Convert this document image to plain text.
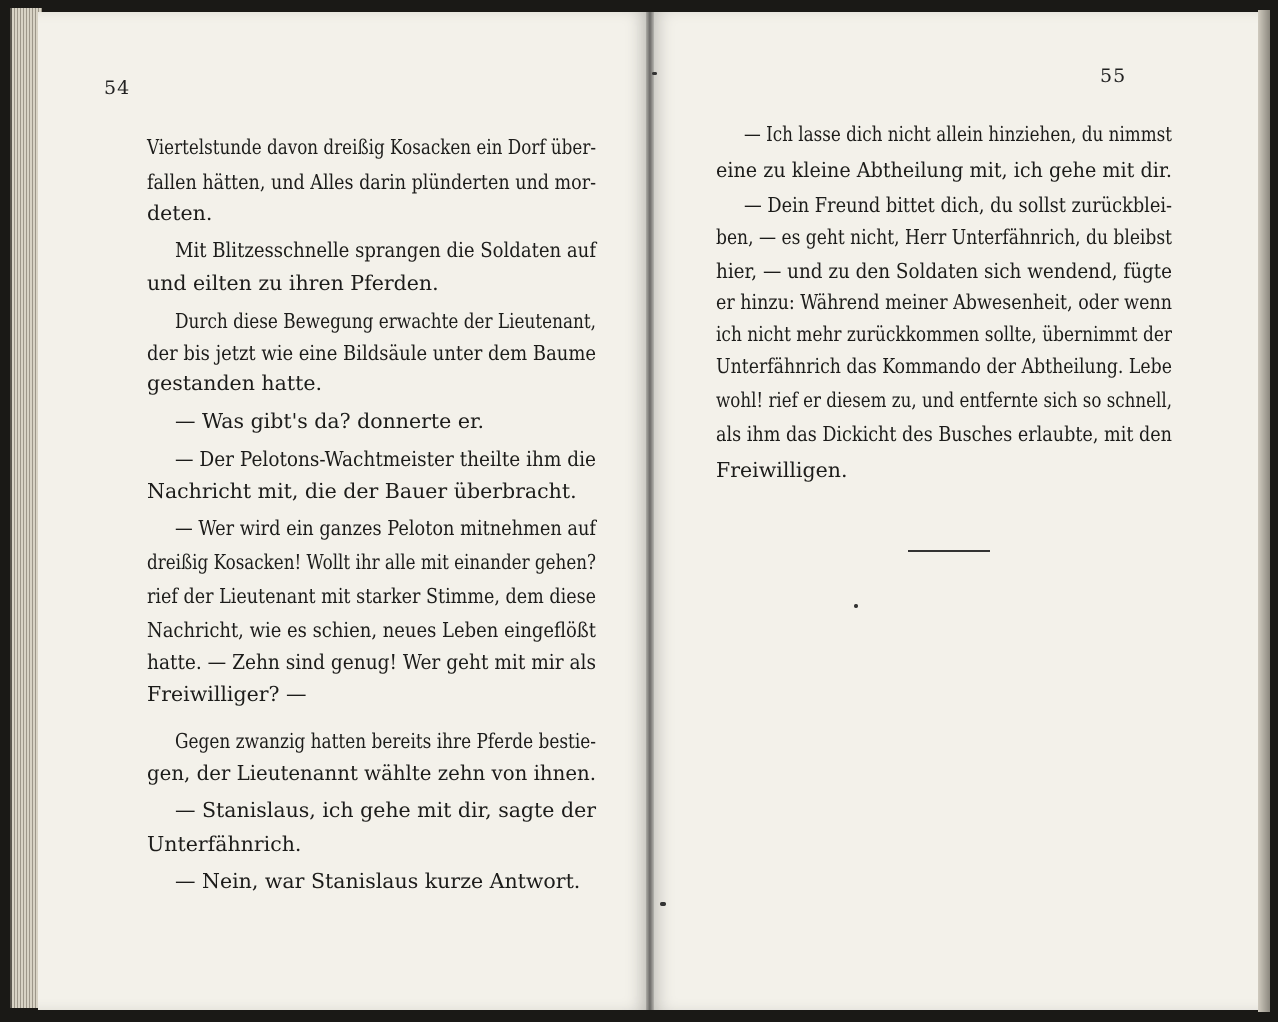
54
55
Viertelstunde davon dreißig Kosacken ein Dorf über-
fallen hätten, und Alles darin plünderten und mor-
deten.
Mit Blitzesschnelle sprangen die Soldaten auf
und eilten zu ihren Pferden.
Durch diese Bewegung erwachte der Lieutenant,
der bis jetzt wie eine Bildsäule unter dem Baume
gestanden hatte.
— Was gibt's da? donnerte er.
— Der Pelotons-Wachtmeister theilte ihm die
Nachricht mit, die der Bauer überbracht.
— Wer wird ein ganzes Peloton mitnehmen auf
dreißig Kosacken! Wollt ihr alle mit einander gehen?
rief der Lieutenant mit starker Stimme, dem diese
Nachricht, wie es schien, neues Leben eingeflößt
hatte. — Zehn sind genug! Wer geht mit mir als
Freiwilliger? —
Gegen zwanzig hatten bereits ihre Pferde bestie-
gen, der Lieutenannt wählte zehn von ihnen.
— Stanislaus, ich gehe mit dir, sagte der
Unterfähnrich.
— Nein, war Stanislaus kurze Antwort.
— Ich lasse dich nicht allein hinziehen, du nimmst
eine zu kleine Abtheilung mit, ich gehe mit dir.
— Dein Freund bittet dich, du sollst zurückblei-
ben, — es geht nicht, Herr Unterfähnrich, du bleibst
hier, — und zu den Soldaten sich wendend, fügte
er hinzu: Während meiner Abwesenheit, oder wenn
ich nicht mehr zurückkommen sollte, übernimmt der
Unterfähnrich das Kommando der Abtheilung. Lebe
wohl! rief er diesem zu, und entfernte sich so schnell,
als ihm das Dickicht des Busches erlaubte, mit den
Freiwilligen.
